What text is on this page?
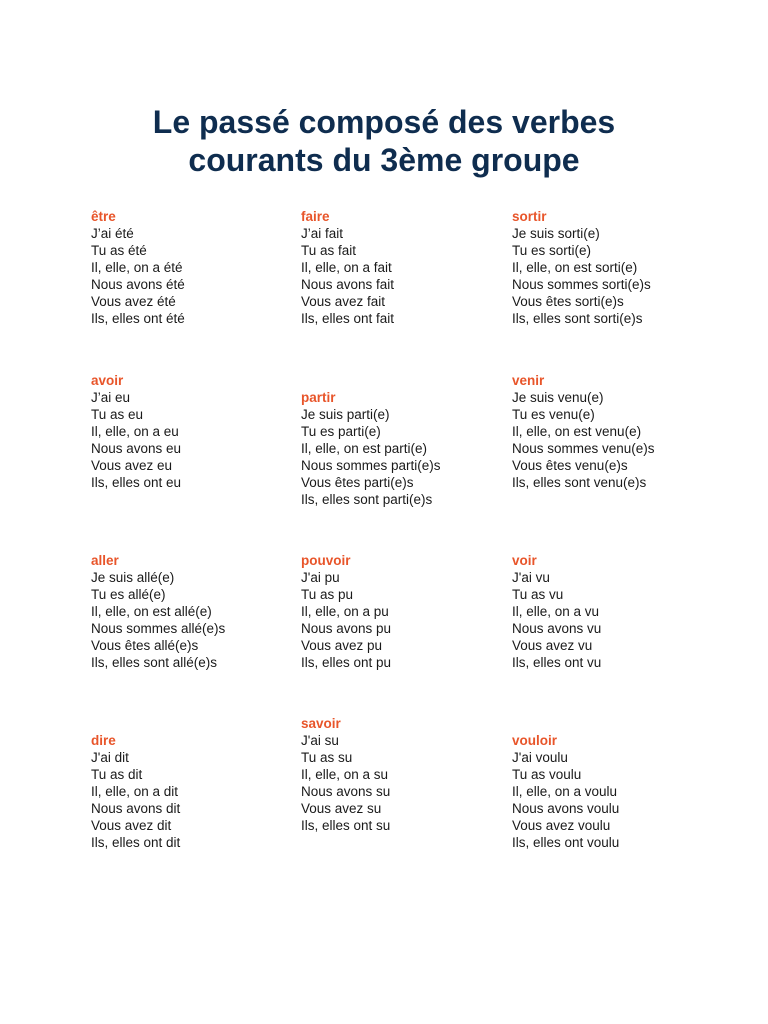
Le passé composé des verbes
courants du 3ème groupe
être
J’ai été
Tu as été
Il, elle, on a été
Nous avons été
Vous avez été
Ils, elles ont été
faire
J’ai fait
Tu as fait
Il, elle, on a fait
Nous avons fait
Vous avez fait
Ils, elles ont fait
sortir
Je suis sorti(e)
Tu es sorti(e)
Il, elle, on est sorti(e)
Nous sommes sorti(e)s
Vous êtes sorti(e)s
Ils, elles sont sorti(e)s
avoir
J’ai eu
Tu as eu
Il, elle, on a eu
Nous avons eu
Vous avez eu
Ils, elles ont eu
partir
Je suis parti(e)
Tu es parti(e)
Il, elle, on est parti(e)
Nous sommes parti(e)s
Vous êtes parti(e)s
Ils, elles sont parti(e)s
venir
Je suis venu(e)
Tu es venu(e)
Il, elle, on est venu(e)
Nous sommes venu(e)s
Vous êtes venu(e)s
Ils, elles sont venu(e)s
aller
Je suis allé(e)
Tu es allé(e)
Il, elle, on est allé(e)
Nous sommes allé(e)s
Vous êtes allé(e)s
Ils, elles sont allé(e)s
pouvoir
J'ai pu
Tu as pu
Il, elle, on a pu
Nous avons pu
Vous avez pu
Ils, elles ont pu
voir
J'ai vu
Tu as vu
Il, elle, on a vu
Nous avons vu
Vous avez vu
Ils, elles ont vu
dire
J'ai dit
Tu as dit
Il, elle, on a dit
Nous avons dit
Vous avez dit
Ils, elles ont dit
savoir
J'ai su
Tu as su
Il, elle, on a su
Nous avons su
Vous avez su
Ils, elles ont su
vouloir
J'ai voulu
Tu as voulu
Il, elle, on a voulu
Nous avons voulu
Vous avez voulu
Ils, elles ont voulu
